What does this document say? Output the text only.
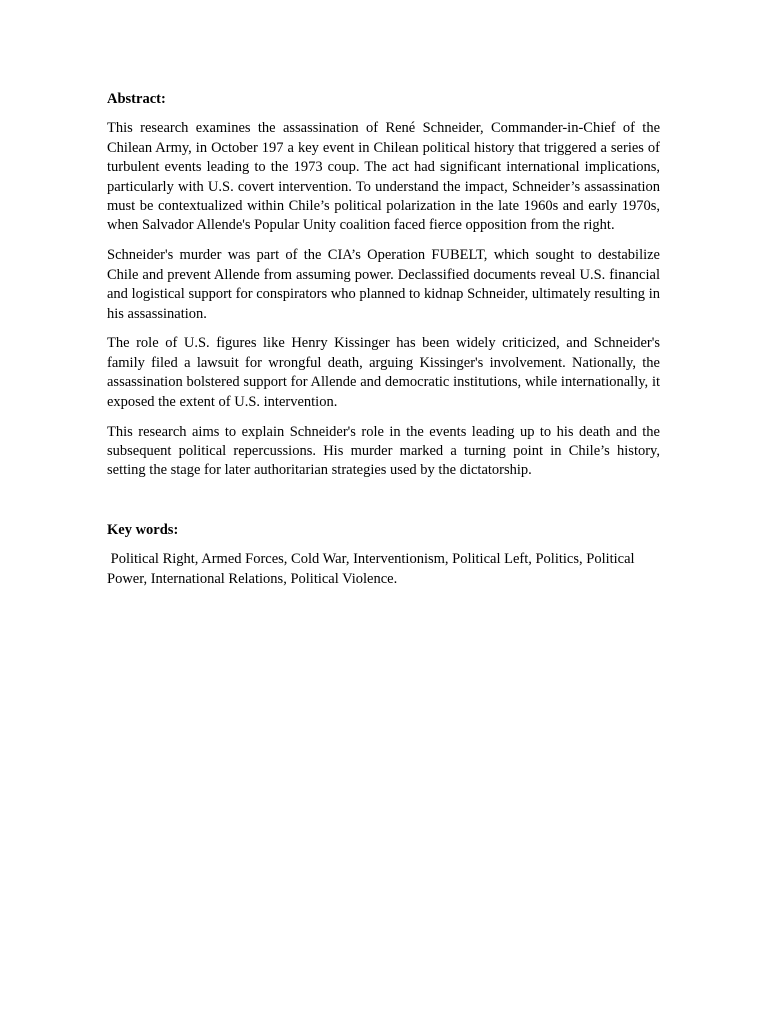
Abstract:

This research examines the assassination of René Schneider, Commander-in-Chief of the Chilean Army, in October 197 a key event in Chilean political history that triggered a series of turbulent events leading to the 1973 coup. The act had significant international implications, particularly with U.S. covert intervention. To understand the impact, Schneider’s assassination must be contextualized within Chile’s political polarization in the late 1960s and early 1970s, when Salvador Allende's Popular Unity coalition faced fierce opposition from the right.

Schneider's murder was part of the CIA’s Operation FUBELT, which sought to destabilize Chile and prevent Allende from assuming power. Declassified documents reveal U.S. financial and logistical support for conspirators who planned to kidnap Schneider, ultimately resulting in his assassination.

The role of U.S. figures like Henry Kissinger has been widely criticized, and Schneider's family filed a lawsuit for wrongful death, arguing Kissinger's involvement. Nationally, the assassination bolstered support for Allende and democratic institutions, while internationally, it exposed the extent of U.S. intervention.

This research aims to explain Schneider's role in the events leading up to his death and the subsequent political repercussions. His murder marked a turning point in Chile’s history, setting the stage for later authoritarian strategies used by the dictatorship.

Key words:

Political Right, Armed Forces, Cold War, Interventionism, Political Left, Politics, Political Power, International Relations, Political Violence.
